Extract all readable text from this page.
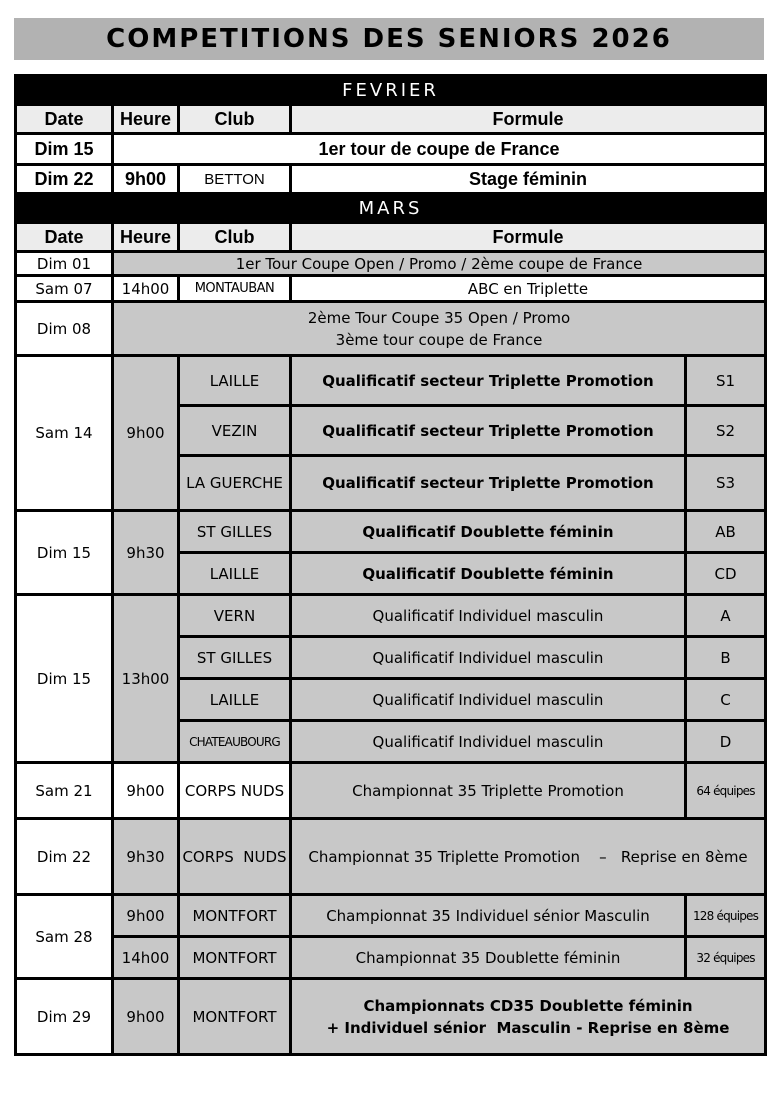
COMPETITIONS DES SENIORS 2026
FEVRIER				
Date	Heure	Club	Formule	
Dim 15	1er tour de coupe de France			
Dim 22	9h00	BETTON	Stage féminin	
MARS				
Date	Heure	Club	Formule	
Dim 01	1er Tour Coupe Open / Promo / 2ème coupe de France			
Sam 07	14h00	MONTAUBAN	ABC en Triplette	
Dim 08	2ème Tour Coupe 35 Open / Promo
3ème tour coupe de France			

Sam 14	9h00	LAILLE	Qualificatif secteur Triplette Promotion	S1
		VEZIN	Qualificatif secteur Triplette Promotion	S2
		LA GUERCHE	Qualificatif secteur Triplette Promotion	S3
Dim 15	9h30	ST GILLES	Qualificatif Doublette féminin	AB
		LAILLE	Qualificatif Doublette féminin	CD
Dim 15	13h00	VERN	Qualificatif Individuel masculin	A
		ST GILLES	Qualificatif Individuel masculin	B
		LAILLE	Qualificatif Individuel masculin	C
		CHATEAUBOURG	Qualificatif Individuel masculin	D
Sam 21	9h00	CORPS NUDS	Championnat 35 Triplette Promotion	64 équipes
Dim 22	9h30	CORPS  NUDS	Championnat 35 Triplette Promotion    –   Reprise en 8ème	
Sam 28	9h00	MONTFORT	Championnat 35 Individuel sénior Masculin	128 équipes
	14h00	MONTFORT	Championnat 35 Doublette féminin	32 équipes
Dim 29	9h00	MONTFORT	Championnats CD35 Doublette féminin
+ Individuel sénior  Masculin - Reprise en 8ème	
